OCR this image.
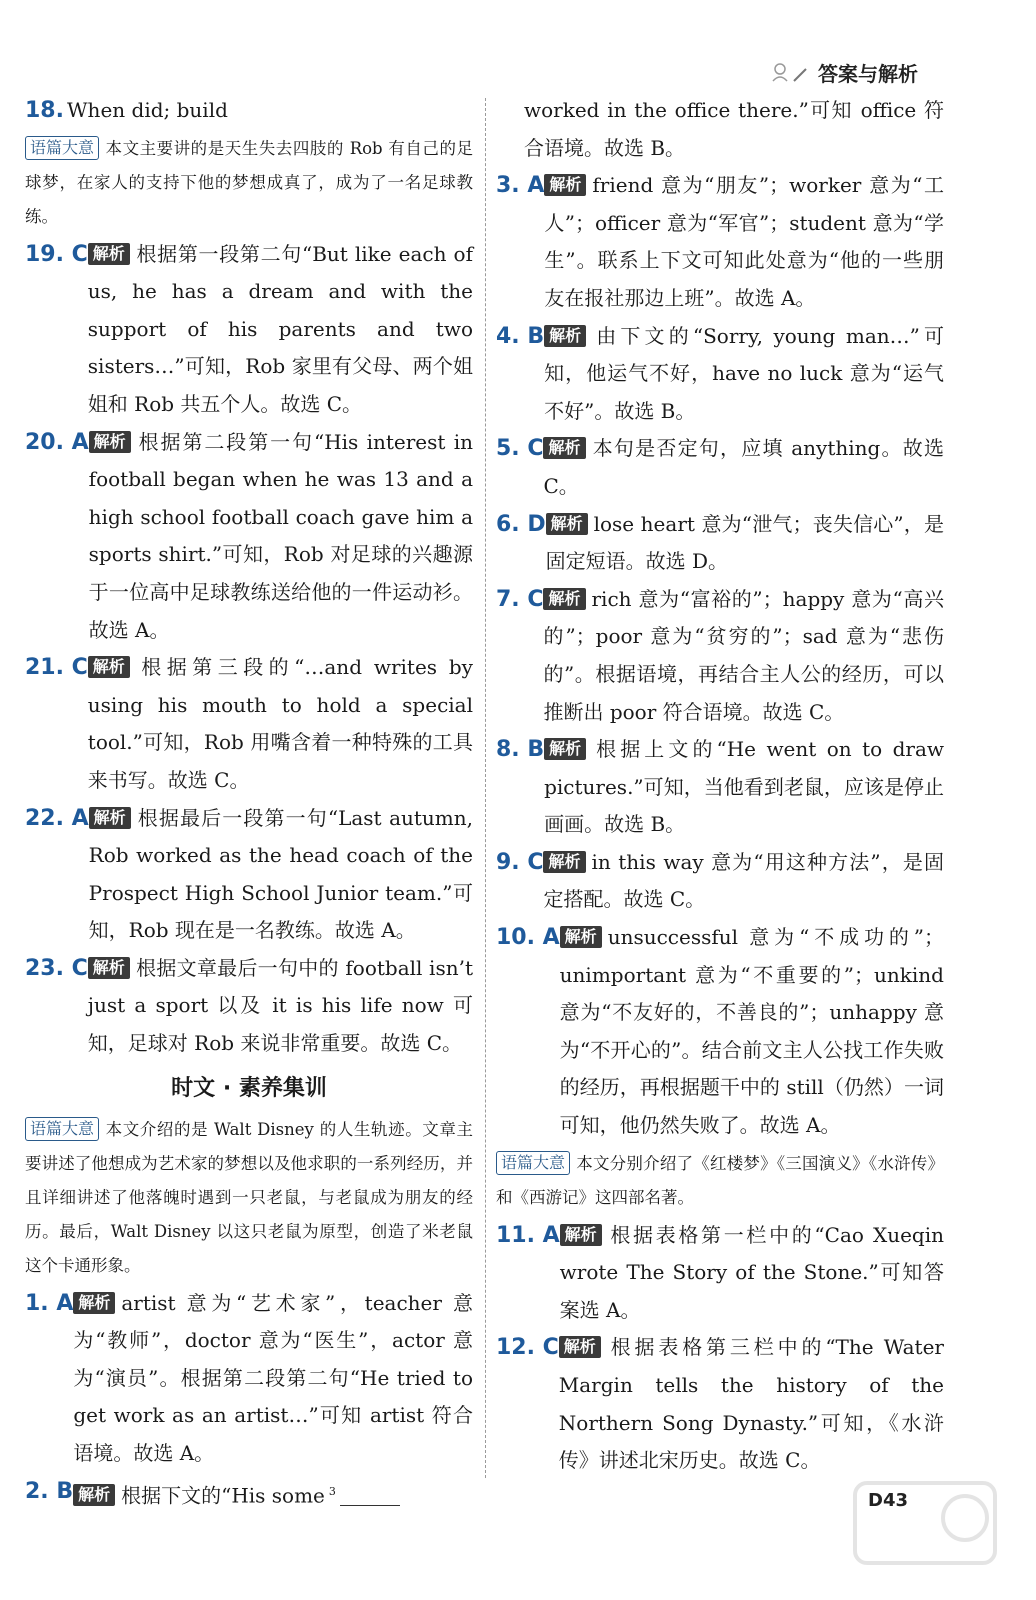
答案与解析
18. When did; build
语篇大意 本文主要讲的是天生失去四肢的 Rob 有自己的足球梦，在家人的支持下他的梦想成真了，成为了一名足球教练。
19. C 解析 根据第一段第二句“But like each of us, he has a dream and with the support of his parents and two sisters…”可知，Rob 家里有父母、两个姐姐和 Rob 共五个人。故选 C。
20. A 解析 根据第二段第一句“His interest in football began when he was 13 and a high school football coach gave him a sports shirt.”可知，Rob 对足球的兴趣源于一位高中足球教练送给他的一件运动衫。故选 A。
21. C 解析 根据第三段的“…and writes by using his mouth to hold a special tool.”可知，Rob 用嘴含着一种特殊的工具来书写。故选 C。
22. A 解析 根据最后一段第一句“Last autumn, Rob worked as the head coach of the Prospect High School Junior team.”可知，Rob 现在是一名教练。故选 A。
23. C 解析 根据文章最后一句中的 football isn’t just a sport 以及 it is his life now 可知，足球对 Rob 来说非常重要。故选 C。
时文 · 素养集训
语篇大意 本文介绍的是 Walt Disney 的人生轨迹。文章主要讲述了他想成为艺术家的梦想以及他求职的一系列经历，并且详细讲述了他落魄时遇到一只老鼠，与老鼠成为朋友的经历。最后，Walt Disney 以这只老鼠为原型，创造了米老鼠这个卡通形象。
1. A 解析 artist 意为“艺术家”，teacher 意为“教师”，doctor 意为“医生”，actor 意为“演员”。根据第二段第二句“He tried to get work as an artist…”可知 artist 符合语境。故选 A。
2. B 解析 根据下文的“His some $^3$
worked in the office there.”可知 office 符合语境。故选 B。
3. A 解析 friend 意为“朋友”；worker 意为“工人”；officer 意为“军官”；student 意为“学生”。联系上下文可知此处意为“他的一些朋友在报社那边上班”。故选 A。
4. B 解析 由下文的“Sorry, young man…”可知，他运气不好，have no luck 意为“运气不好”。故选 B。
5. C 解析 本句是否定句，应填 anything。故选 C。
6. D 解析 lose heart 意为“泄气；丧失信心”，是固定短语。故选 D。
7. C 解析 rich 意为“富裕的”；happy 意为“高兴的”；poor 意为“贫穷的”；sad 意为“悲伤的”。根据语境，再结合主人公的经历，可以推断出 poor 符合语境。故选 C。
8. B 解析 根据上文的“He went on to draw pictures.”可知，当他看到老鼠，应该是停止画画。故选 B。
9. C 解析 in this way 意为“用这种方法”，是固定搭配。故选 C。
10. A 解析 unsuccessful 意为“不成功的”；unimportant 意为“不重要的”；unkind 意为“不友好的，不善良的”；unhappy 意为“不开心的”。结合前文主人公找工作失败的经历，再根据题干中的 still（仍然）一词可知，他仍然失败了。故选 A。
语篇大意 本文分别介绍了《红楼梦》《三国演义》《水浒传》和《西游记》这四部名著。
11. A 解析 根据表格第一栏中的“Cao Xueqin wrote The Story of the Stone.”可知答案选 A。
12. C 解析 根据表格第三栏中的“The Water Margin tells the history of the Northern Song Dynasty.”可知，《水浒传》讲述北宋历史。故选 C。
D43
